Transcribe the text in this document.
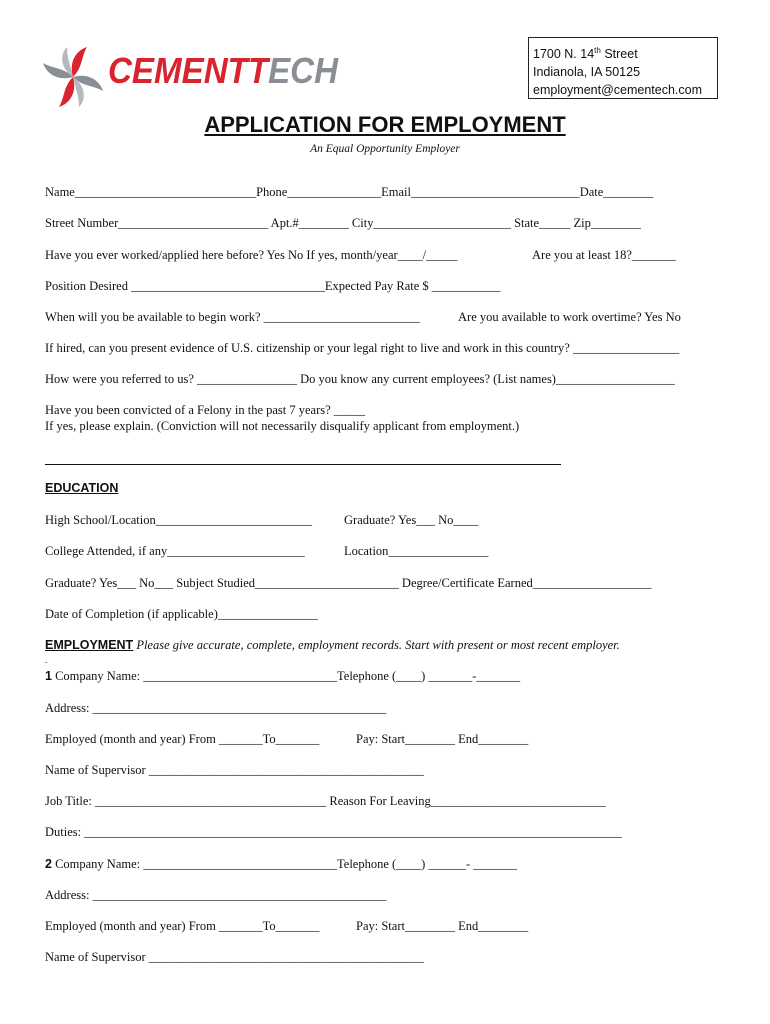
CEMENTTECH	1700 N. 14th Street
Indianola, IA 50125
employment@cementech.com
APPLICATION FOR EMPLOYMENT
An Equal Opportunity Employer
Name_____________________________Phone_______________Email___________________________Date________
Street Number________________________ Apt.#________ City______________________ State_____ Zip________
Have you ever worked/applied here before? Yes No If yes, month/year____/_____	Are you at least 18?_______
Position Desired _______________________________Expected Pay Rate $ ___________
When will you be available to begin work? _________________________	Are you available to work overtime? Yes No
If hired, can you present evidence of U.S. citizenship or your legal right to live and work in this country? _________________
How were you referred to us? ________________ Do you know any current employees? (List names)___________________
Have you been convicted of a Felony in the past 7 years? _____
If yes, please explain. (Conviction will not necessarily disqualify applicant from employment.)
EDUCATION
High School/Location_________________________	Graduate? Yes___ No____
College Attended, if any______________________	Location________________
Graduate? Yes___ No___ Subject Studied_______________________ Degree/Certificate Earned___________________
Date of Completion (if applicable)________________
EMPLOYMENT Please give accurate, complete, employment records. Start with present or most recent employer.
.
1 Company Name: _______________________________Telephone (____) _______-_______
Address: _______________________________________________
Employed (month and year) From _______To_______	Pay: Start________ End________
Name of Supervisor ____________________________________________
Job Title: _____________________________________ Reason For Leaving____________________________
Duties: ______________________________________________________________________________________
2 Company Name: _______________________________Telephone (____) ______- _______
Address: _______________________________________________
Employed (month and year) From _______To_______	Pay: Start________ End________
Name of Supervisor ____________________________________________
